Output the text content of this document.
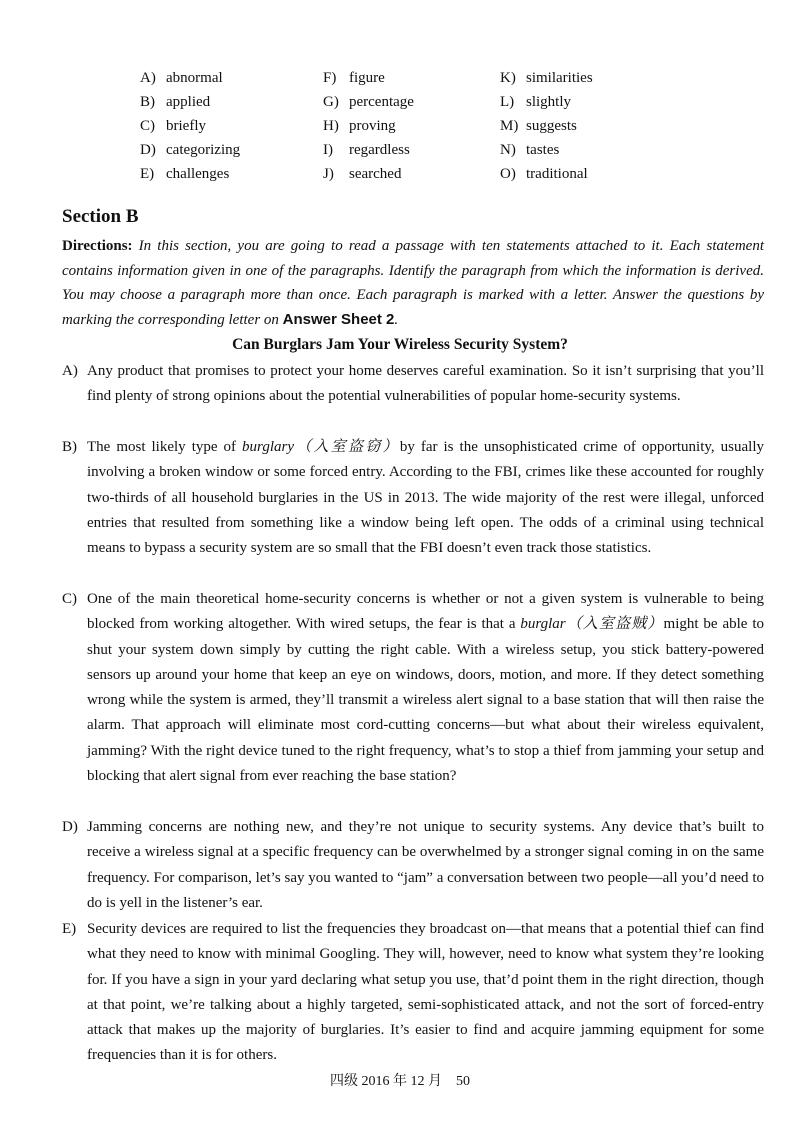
A) abnormal
B) applied
C) briefly
D) categorizing
E) challenges
F) figure
G) percentage
H) proving
I) regardless
J) searched
K) similarities
L) slightly
M) suggests
N) tastes
O) traditional
Section B

Directions: In this section, you are going to read a passage with ten statements attached to it. Each statement contains information given in one of the paragraphs. Identify the paragraph from which the information is derived. You may choose a paragraph more than once. Each paragraph is marked with a letter. Answer the questions by marking the corresponding letter on Answer Sheet 2.

Can Burglars Jam Your Wireless Security System?

A) Any product that promises to protect your home deserves careful examination. So it isn’t surprising that you’ll find plenty of strong opinions about the potential vulnerabilities of popular home-security systems.

B) The most likely type of burglary（入室盗窃）by far is the unsophisticated crime of opportunity, usually involving a broken window or some forced entry. According to the FBI, crimes like these accounted for roughly two-thirds of all household burglaries in the US in 2013. The wide majority of the rest were illegal, unforced entries that resulted from something like a window being left open. The odds of a criminal using technical means to bypass a security system are so small that the FBI doesn’t even track those statistics.

C) One of the main theoretical home-security concerns is whether or not a given system is vulnerable to being blocked from working altogether. With wired setups, the fear is that a burglar（入室盗贼）might be able to shut your system down simply by cutting the right cable. With a wireless setup, you stick battery-powered sensors up around your home that keep an eye on windows, doors, motion, and more. If they detect something wrong while the system is armed, they’ll transmit a wireless alert signal to a base station that will then raise the alarm. That approach will eliminate most cord-cutting concerns—but what about their wireless equivalent, jamming? With the right device tuned to the right frequency, what’s to stop a thief from jamming your setup and blocking that alert signal from ever reaching the base station?

D) Jamming concerns are nothing new, and they’re not unique to security systems. Any device that’s built to receive a wireless signal at a specific frequency can be overwhelmed by a stronger signal coming in on the same frequency. For comparison, let’s say you wanted to “jam” a conversation between two people—all you’d need to do is yell in the listener’s ear.

E) Security devices are required to list the frequencies they broadcast on—that means that a potential thief can find what they need to know with minimal Googling. They will, however, need to know what system they’re looking for. If you have a sign in your yard declaring what setup you use, that’d point them in the right direction, though at that point, we’re talking about a highly targeted, semi-sophisticated attack, and not the sort of forced-entry attack that makes up the majority of burglaries. It’s easier to find and acquire jamming equipment for some frequencies than it is for others.

四级 2016 年 12 月　50
